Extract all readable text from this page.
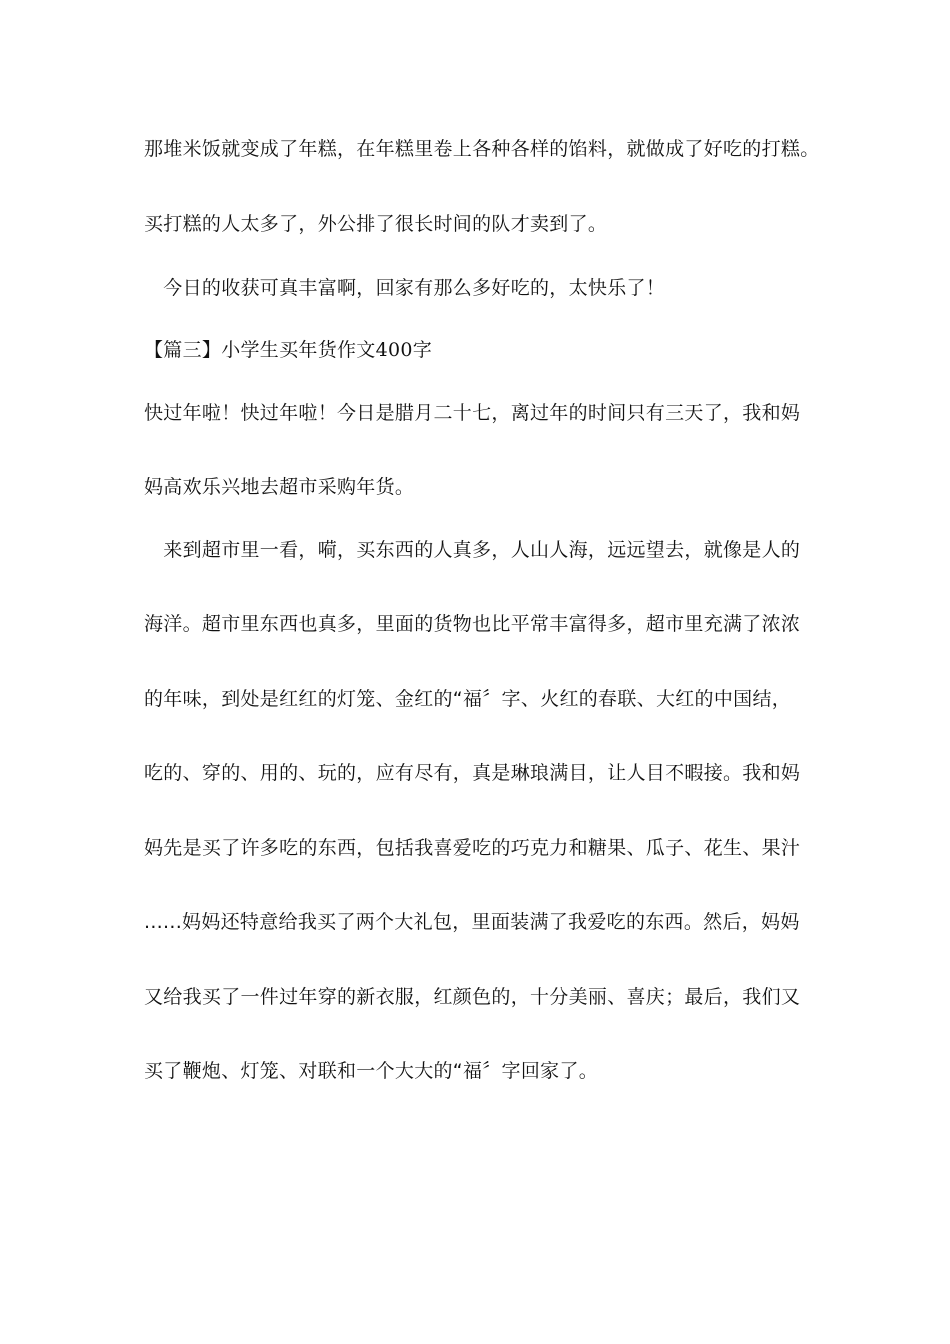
那堆米饭就变成了年糕，在年糕里卷上各种各样的馅料，就做成了好吃的打糕。
买打糕的人太多了，外公排了很长时间的队才卖到了。
　今日的收获可真丰富啊，回家有那么多好吃的，太快乐了！
【篇三】小学生买年货作文400字
快过年啦！快过年啦！今日是腊月二十七，离过年的时间只有三天了，我和妈
妈高欢乐兴地去超市采购年货。
　来到超市里一看，嗬，买东西的人真多，人山人海，远远望去，就像是人的
海洋。超市里东西也真多，里面的货物也比平常丰富得多，超市里充满了浓浓
的年味，到处是红红的灯笼、金红的“福〞字、火红的春联、大红的中国结，
吃的、穿的、用的、玩的，应有尽有，真是琳琅满目，让人目不暇接。我和妈
妈先是买了许多吃的东西，包括我喜爱吃的巧克力和糖果、瓜子、花生、果汁
......妈妈还特意给我买了两个大礼包，里面装满了我爱吃的东西。然后，妈妈
又给我买了一件过年穿的新衣服，红颜色的，十分美丽、喜庆；最后，我们又
买了鞭炮、灯笼、对联和一个大大的“福〞字回家了。
